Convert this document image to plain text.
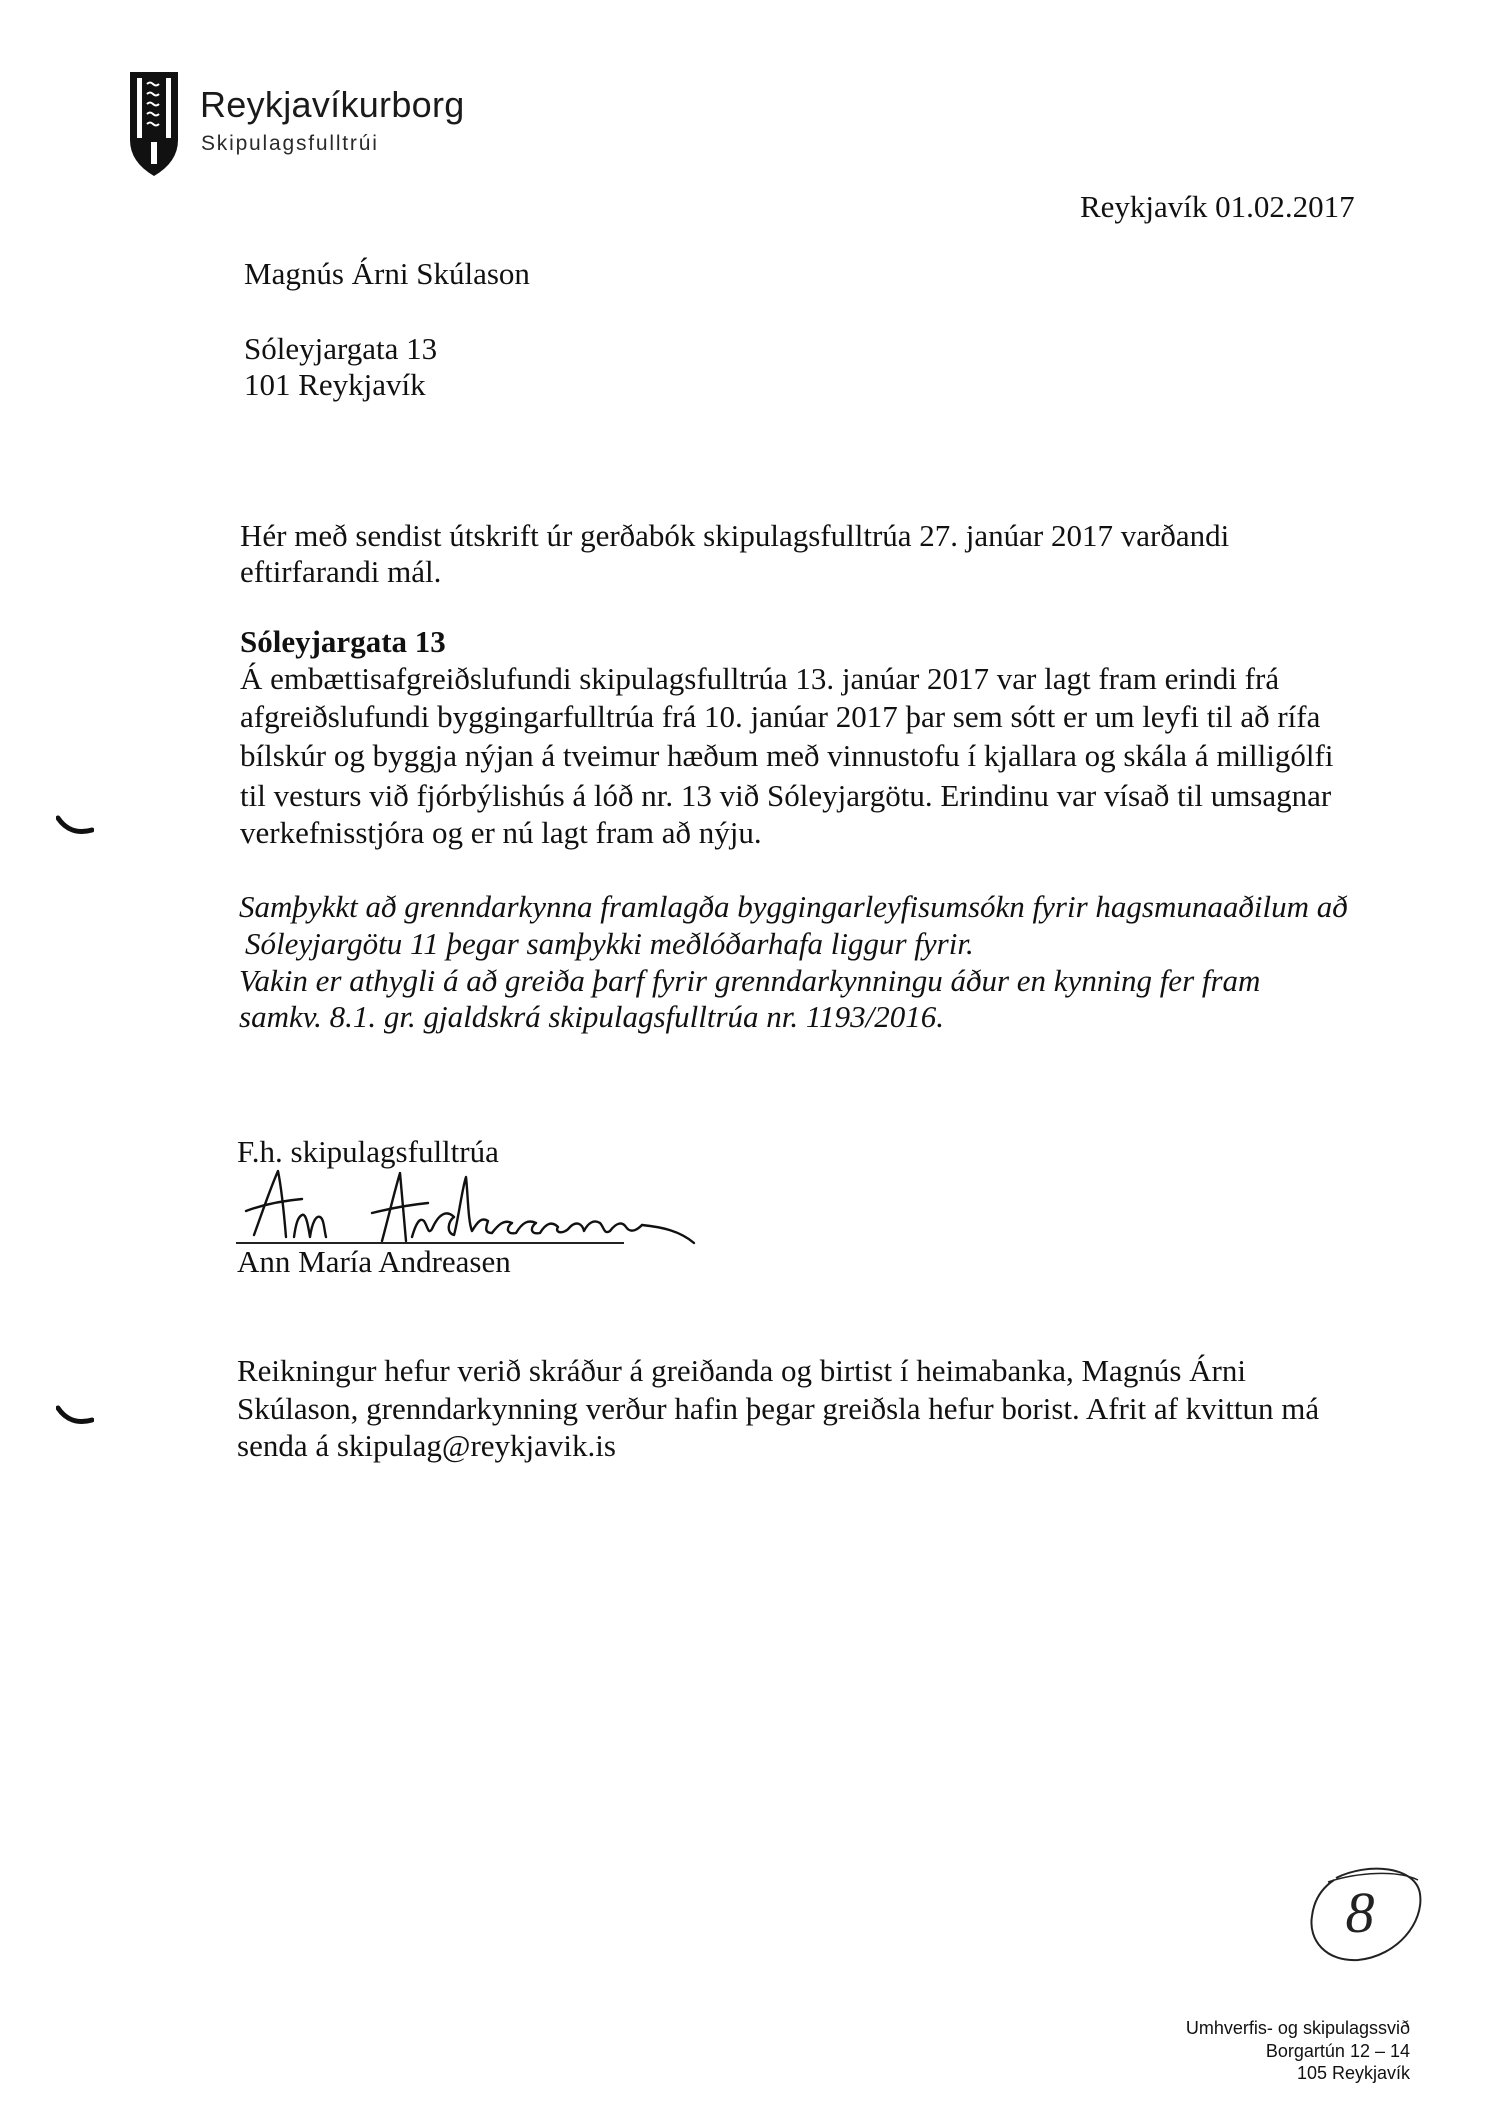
Reykjavíkurborg
Skipulagsfulltrúi
Reykjavík 01.02.2017
Magnús Árni Skúlason
Sóleyjargata 13
101 Reykjavík
Hér með sendist útskrift úr gerðabók skipulagsfulltrúa 27. janúar 2017 varðandi
eftirfarandi mál.
Sóleyjargata 13
Á embættisafgreiðslufundi skipulagsfulltrúa 13. janúar 2017 var lagt fram erindi frá
afgreiðslufundi byggingarfulltrúa frá 10. janúar 2017 þar sem sótt er um leyfi til að rífa
bílskúr og byggja nýjan á tveimur hæðum með vinnustofu í kjallara og skála á milligólfi
til vesturs við fjórbýlishús á lóð nr. 13 við Sóleyjargötu. Erindinu var vísað til umsagnar
verkefnisstjóra og er nú lagt fram að nýju.
Samþykkt að grenndarkynna framlagða byggingarleyfisumsókn fyrir hagsmunaaðilum að
Sóleyjargötu 11 þegar samþykki meðlóðarhafa liggur fyrir.
Vakin er athygli á að greiða þarf fyrir grenndarkynningu áður en kynning fer fram
samkv. 8.1. gr. gjaldskrá skipulagsfulltrúa nr. 1193/2016.
F.h. skipulagsfulltrúa
Ann María Andreasen
Reikningur hefur verið skráður á greiðanda og birtist í heimabanka, Magnús Árni
Skúlason, grenndarkynning verður hafin þegar greiðsla hefur borist. Afrit af kvittun má
senda á skipulag@reykjavik.is
8
Umhverfis- og skipulagssvið
Borgartún 12 – 14
105 Reykjavík
